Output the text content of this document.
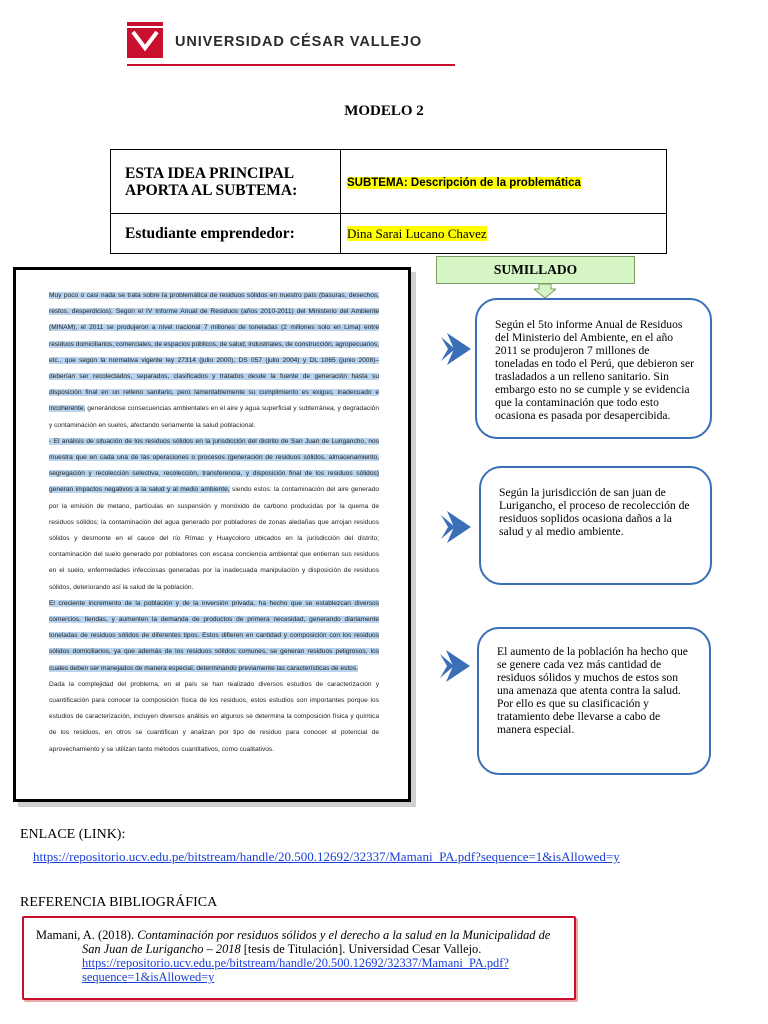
UNIVERSIDAD CÉSAR VALLEJO
MODELO 2
ESTA IDEA PRINCIPAL APORTA AL SUBTEMA:	SUBTEMA: Descripción de la problemática
Estudiante emprendedor:	Dina Sarai Lucano Chavez

Muy poco o casi nada se trata sobre la problemática de residuos sólidos en nuestro país (basuras, desechos, restos, desperdicios). Según el IV Informe Anual de Residuos (años 2010-2011) del Ministerio del Ambiente (MINAM), el 2011 se produjeron a nivel nacional 7 millones de toneladas (2 millones solo en Lima) entre residuos domiciliarios, comerciales, de espacios públicos, de salud, industriales, de construcción, agropecuarios, etc., que según la normativa vigente ley 27314 (julio 2000), DS 057 (julio 2004) y DL 1065 (junio 2008)– deberían ser recolectados, separados, clasificados y tratados desde la fuente de generación hasta su disposición final en un relleno sanitario, pero lamentablemente su cumplimiento es exiguo, inadecuado e incoherente, generándose consecuencias ambientales en el aire y agua superficial y subterránea, y degradación y contaminación en suelos, afectando seriamente la salud poblacional.

- El análisis de situación de los residuos sólidos en la jurisdicción del distrito de San Juan de Lurigancho, nos muestra que en cada una de las operaciones o procesos (generación de residuos sólidos, almacenamiento, segregación y recolección selectiva, recolección, transferencia, y disposición final de los residuos sólidos) generan impactos negativos a la salud y al medio ambiente, siendo estos: la contaminación del aire generado por la emisión de metano, partículas en suspensión y monóxido de carbono producidas por la quema de residuos sólidos; la contaminación del agua generado por pobladores de zonas aledañas que arrojan residuos sólidos y desmonte en el cauce del río Rímac y Huaycoloro ubicados en la jurisdicción del distrito; contaminación del suelo generado por pobladores con escasa conciencia ambiental que entierran sus residuos en el suelo, enfermedades infecciosas generadas por la inadecuada manipulación y disposición de residuos sólidos, deteriorando así la salud de la población.

El creciente incremento de la población y de la inversión privada, ha hecho que se establezcan diversos comercios, tiendas, y aumenten la demanda de productos de primera necesidad, generando diariamente toneladas de residuos sólidos de diferentes tipos. Estos difieren en cantidad y composición con los residuos sólidos domiciliarios, ya que además de los residuos sólidos comunes, se generan residuos peligrosos, los cuales deben ser manejados de manera especial, determinando previamente las características de estos.

Dada la complejidad del problema, en el país se han realizado diversos estudios de caracterización y cuantificación para conocer la composición física de los residuos, estos estudios son importantes porque los estudios de caracterización, incluyen diversos análisis en algunos se determina la composición física y química de los residuos, en otros se cuantifican y analizan por tipo de residuo para conocer el potencial de aprovechamiento y se utilizan tanto métodos cuantitativos, como cualitativos.

SUMILLADO
Según el 5to informe Anual de Residuos del Ministerio del Ambiente, en el año 2011 se produjeron 7 millones de toneladas en todo el Perú, que debieron ser trasladados a un relleno sanitario. Sin embargo esto no se cumple y se evidencia que la contaminación que todo esto ocasiona es pasada por desapercibida.
Según la jurisdicción de san juan de Lurigancho, el proceso de recolección de residuos soplidos ocasiona daños a la salud y al medio ambiente.
El aumento de la población ha hecho que se genere cada vez más cantidad de residuos sólidos y muchos de estos son una amenaza que atenta contra la salud. Por ello es que su clasificación y tratamiento debe llevarse a cabo de manera especial.
ENLACE (LINK):
https://repositorio.ucv.edu.pe/bitstream/handle/20.500.12692/32337/Mamani_PA.pdf?sequence=1&isAllowed=y
REFERENCIA BIBLIOGRÁFICA
Mamani, A. (2018). Contaminación por residuos sólidos y el derecho a la salud en la Municipalidad de San Juan de Lurigancho – 2018 [tesis de Titulación]. Universidad Cesar Vallejo. https://repositorio.ucv.edu.pe/bitstream/handle/20.500.12692/32337/Mamani_PA.pdf?sequence=1&isAllowed=y
